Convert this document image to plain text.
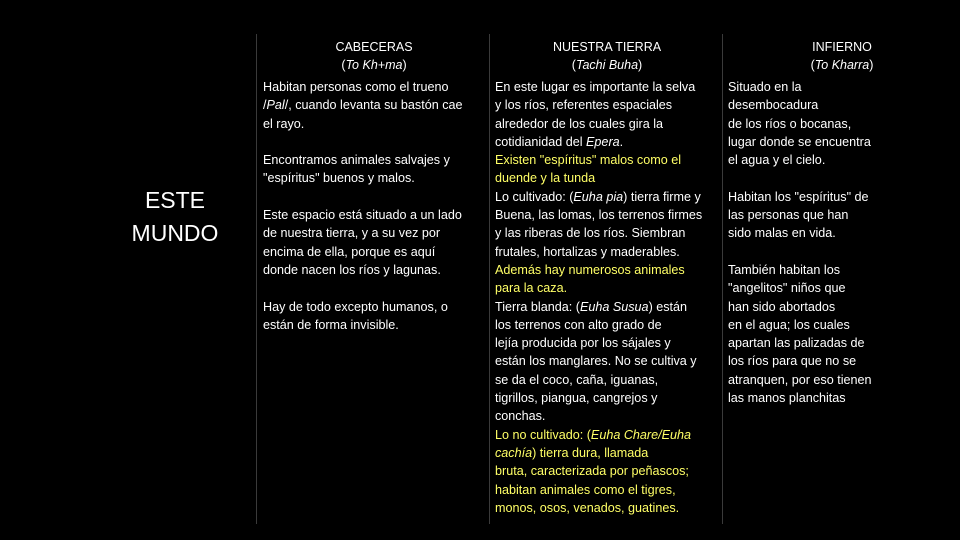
CABECERAS
(To Kh+ma)
NUESTRA TIERRA
(Tachi Buha)
INFIERNO
(To Kharra)
ESTE
MUNDO

Habitan personas como el trueno

/Pal/, cuando levanta su bastón cae

el rayo.

Encontramos animales salvajes y

"espíritus" buenos y malos.

Este espacio está situado a un lado

de nuestra tierra, y a su vez por

encima de ella, porque es aquí

donde nacen los ríos y lagunas.

Hay de todo excepto humanos, o

están de forma invisible.

En este lugar es importante la selva

y los ríos, referentes espaciales

alrededor de los cuales gira la

cotidianidad del Epera.

Existen "espíritus" malos como el

duende y la tunda

Lo cultivado: (Euha pia) tierra firme y

Buena, las lomas, los terrenos firmes

y las riberas de los ríos. Siembran

frutales, hortalizas y maderables.

Además hay numerosos animales

para la caza.

Tierra blanda: (Euha Susua) están

los terrenos con alto grado de

lejía producida por los sájales y

están los manglares. No se cultiva y

se da el coco, caña, iguanas,

tigrillos, piangua, cangrejos y

conchas.

Lo no cultivado: (Euha Chare/Euha

cachía) tierra dura, llamada

bruta, caracterizada por peñascos;

habitan animales como el tigres,

monos, osos, venados, guatines.

Situado en la

desembocadura

de los ríos o bocanas,

lugar donde se encuentra

el agua y el cielo.

Habitan los "espíritus" de

las personas que han

sido malas en vida.

También habitan los

"angelitos" niños que

han sido abortados

en el agua; los cuales

apartan las palizadas de

los ríos para que no se

atranquen, por eso tienen

las manos planchitas
